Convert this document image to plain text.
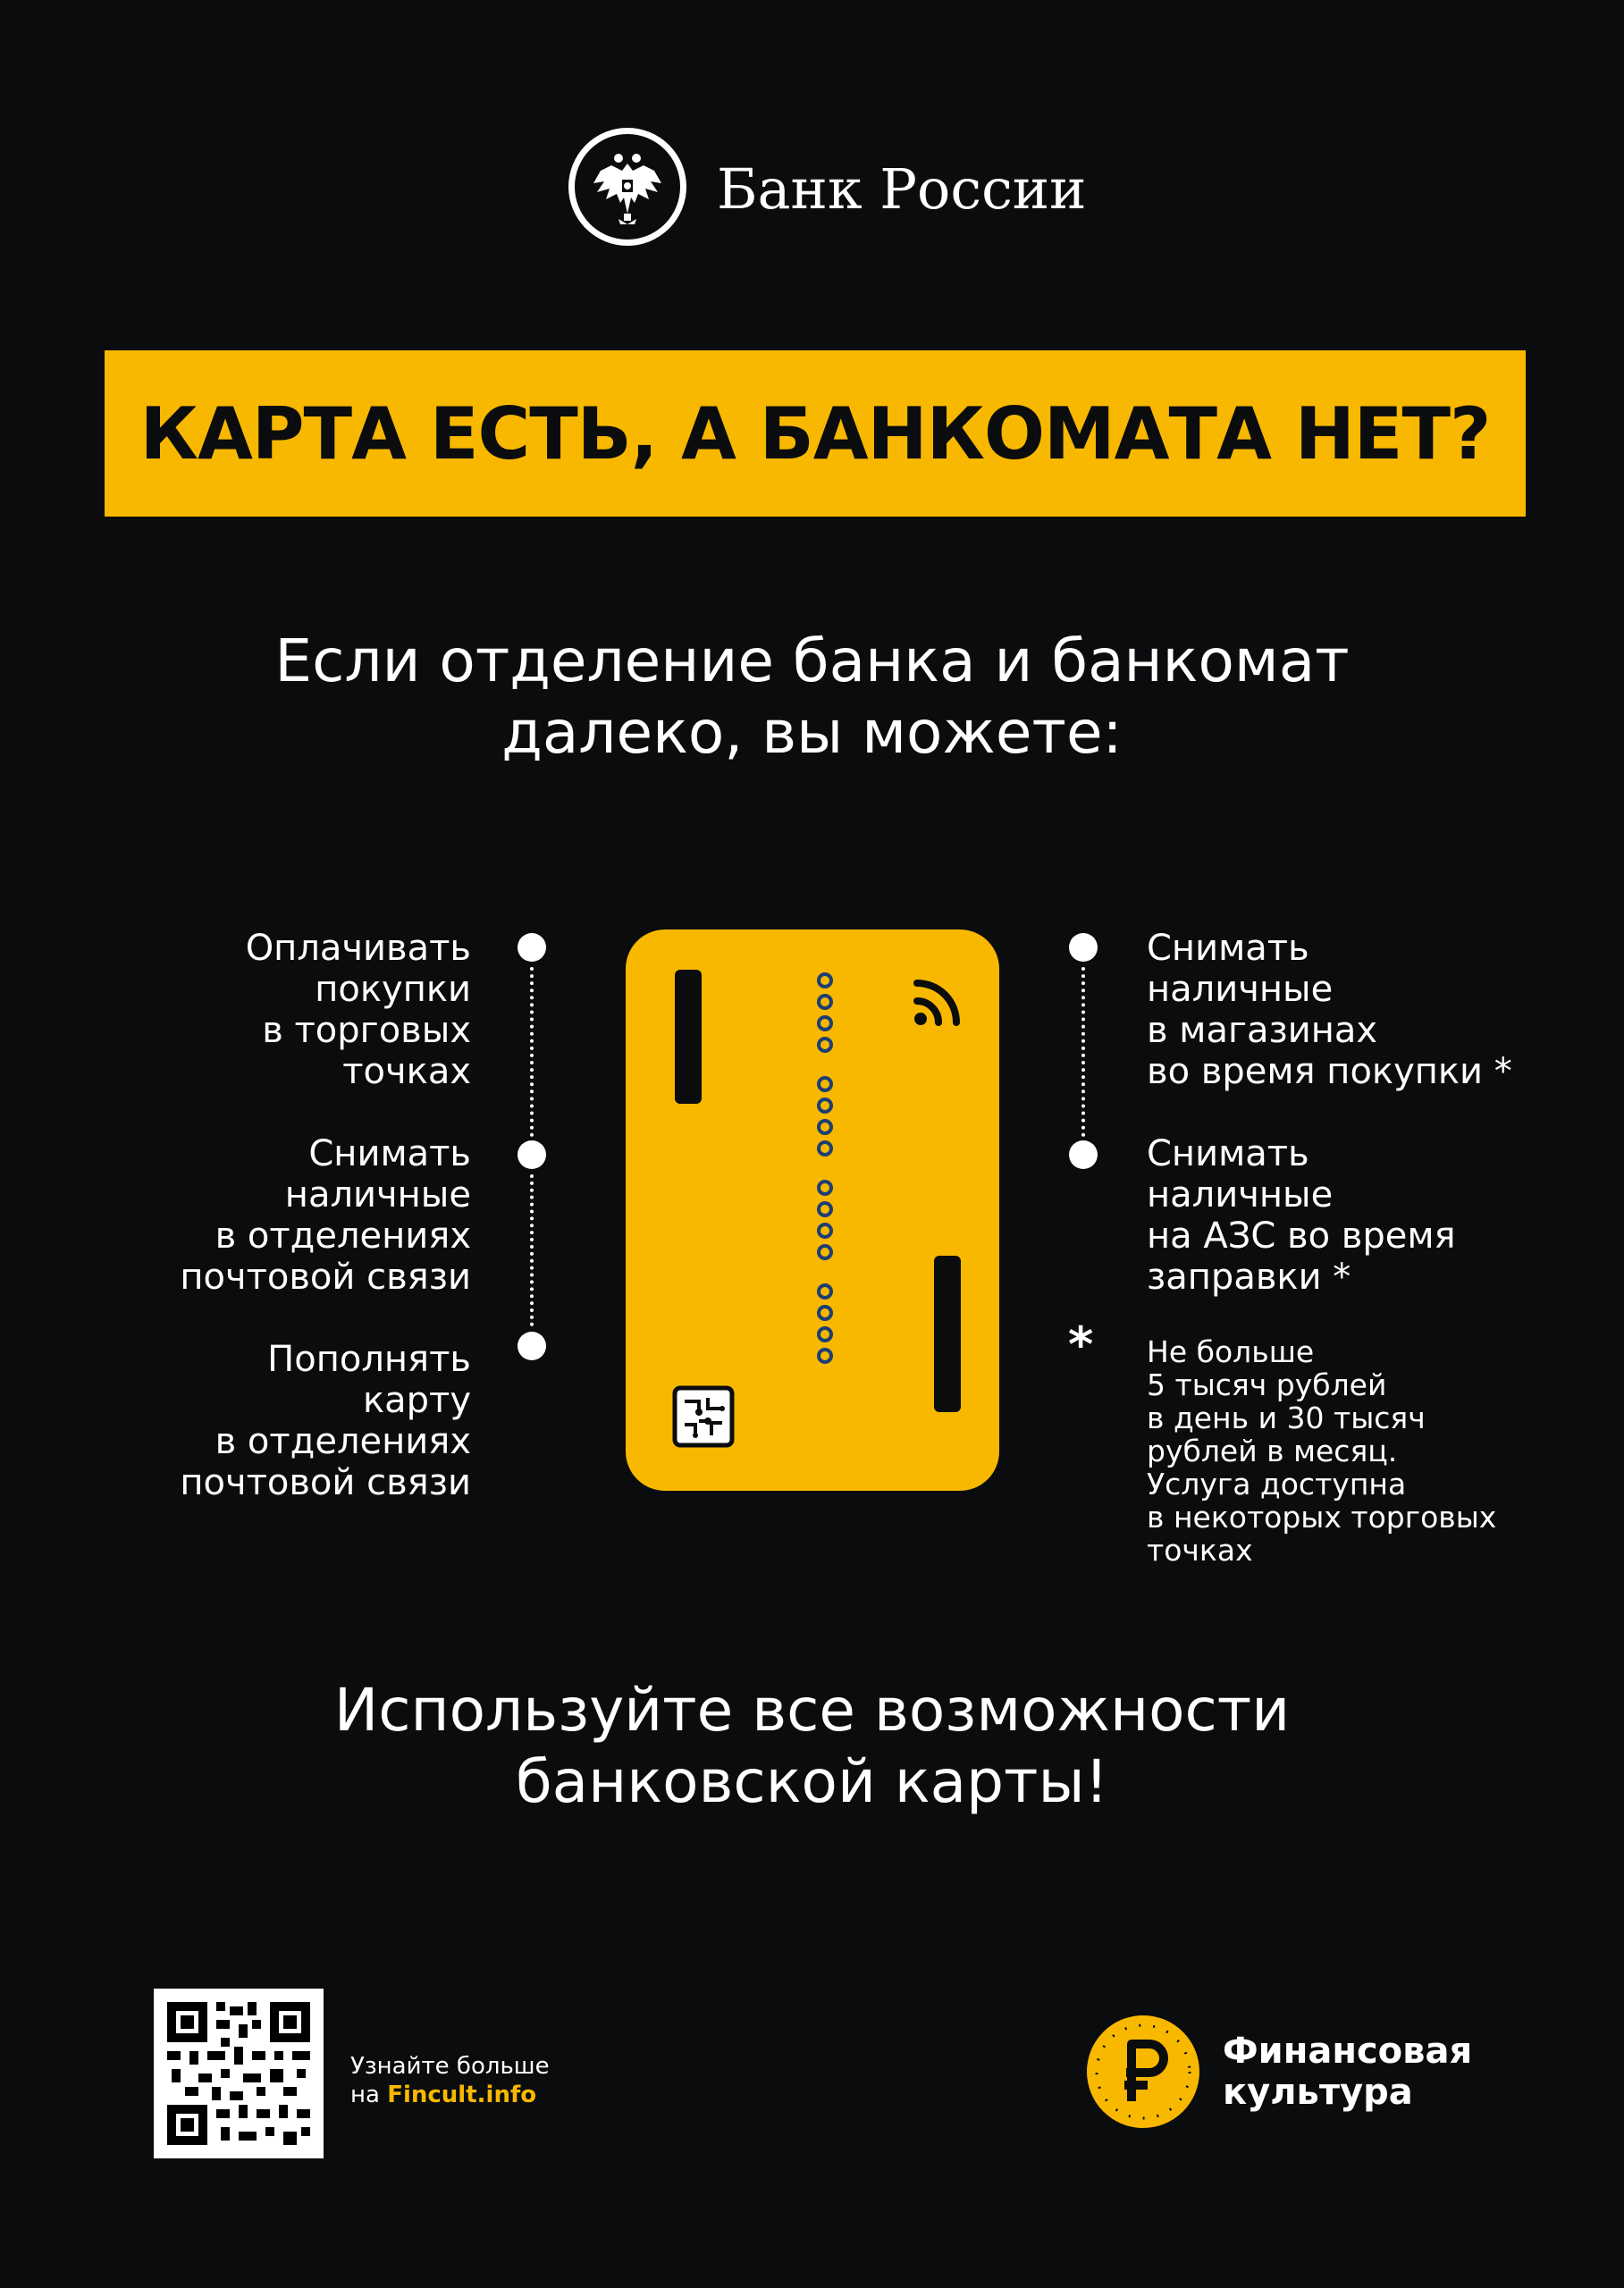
Банк России
КАРТА ЕСТЬ, А БАНКОМАТА НЕТ?
Если отделение банка и банкомат
далеко, вы можете:
Оплачивать
покупки
в торговых
точках
Снимать
наличные
в отделениях
почтовой связи
Пополнять
карту
в отделениях
почтовой связи
Снимать
наличные
в магазинах
во время покупки *
Снимать
наличные
на АЗС во время
заправки *
* Не больше
5 тысяч рублей
в день и 30 тысяч
рублей в месяц.
Услуга доступна
в некоторых торговых
точках
Используйте все возможности
банковской карты!
Узнайте больше
на Fincult.info
Финансовая
культура
